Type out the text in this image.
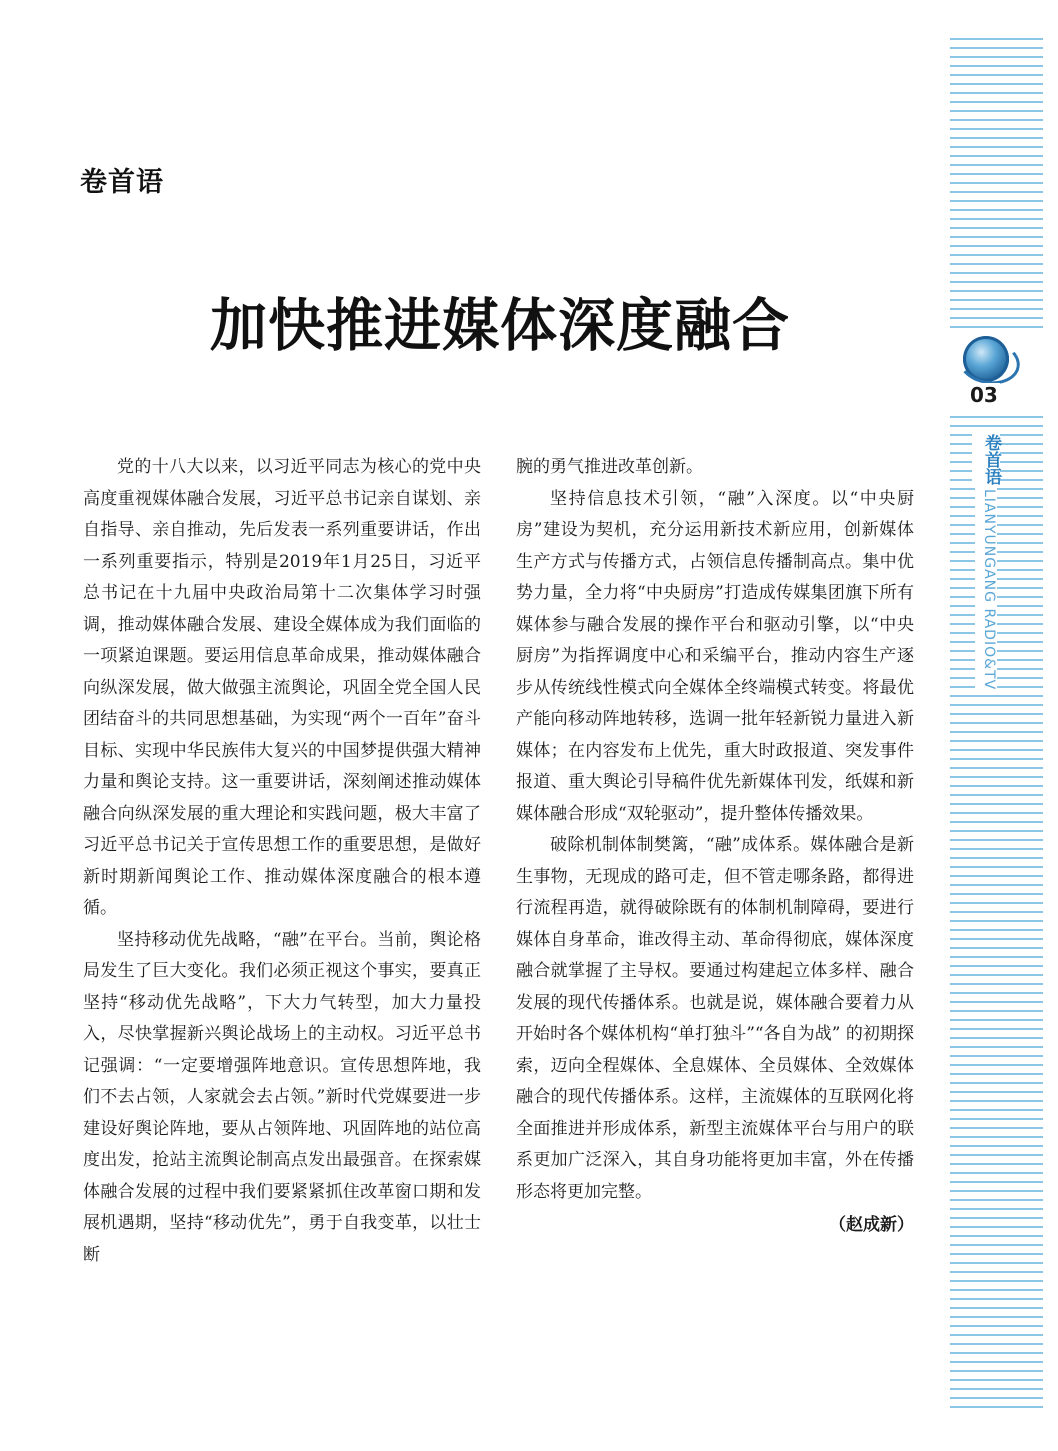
卷首语
加快推进媒体深度融合

党的十八大以来，以习近平同志为核心的党中央高度重视媒体融合发展，习近平总书记亲自谋划、亲自指导、亲自推动，先后发表一系列重要讲话，作出一系列重要指示，特别是2019年1月25日，习近平总书记在十九届中央政治局第十二次集体学习时强调，推动媒体融合发展、建设全媒体成为我们面临的一项紧迫课题。要运用信息革命成果，推动媒体融合向纵深发展，做大做强主流舆论，巩固全党全国人民团结奋斗的共同思想基础，为实现“两个一百年”奋斗目标、实现中华民族伟大复兴的中国梦提供强大精神力量和舆论支持。这一重要讲话，深刻阐述推动媒体融合向纵深发展的重大理论和实践问题，极大丰富了习近平总书记关于宣传思想工作的重要思想，是做好新时期新闻舆论工作、推动媒体深度融合的根本遵循。

坚持移动优先战略，“融”在平台。当前，舆论格局发生了巨大变化。我们必须正视这个事实，要真正坚持“移动优先战略”，下大力气转型，加大力量投入，尽快掌握新兴舆论战场上的主动权。习近平总书记强调：“一定要增强阵地意识。宣传思想阵地，我们不去占领，人家就会去占领。”新时代党媒要进一步建设好舆论阵地，要从占领阵地、巩固阵地的站位高度出发，抢站主流舆论制高点发出最强音。在探索媒体融合发展的过程中我们要紧紧抓住改革窗口期和发展机遇期，坚持“移动优先”，勇于自我变革，以壮士断

腕的勇气推进改革创新。

坚持信息技术引领，“融”入深度。以“中央厨房”建设为契机，充分运用新技术新应用，创新媒体生产方式与传播方式，占领信息传播制高点。集中优势力量，全力将“中央厨房”打造成传媒集团旗下所有媒体参与融合发展的操作平台和驱动引擎，以“中央厨房”为指挥调度中心和采编平台，推动内容生产逐步从传统线性模式向全媒体全终端模式转变。将最优产能向移动阵地转移，选调一批年轻新锐力量进入新媒体；在内容发布上优先，重大时政报道、突发事件报道、重大舆论引导稿件优先新媒体刊发，纸媒和新媒体融合形成“双轮驱动”，提升整体传播效果。

破除机制体制樊篱，“融”成体系。媒体融合是新生事物，无现成的路可走，但不管走哪条路，都得进行流程再造，就得破除既有的体制机制障碍，要进行媒体自身革命，谁改得主动、革命得彻底，媒体深度融合就掌握了主导权。要通过构建起立体多样、融合发展的现代传播体系。也就是说，媒体融合要着力从开始时各个媒体机构“单打独斗”“各自为战” 的初期探索，迈向全程媒体、全息媒体、全员媒体、全效媒体融合的现代传播体系。这样，主流媒体的互联网化将全面推进并形成体系，新型主流媒体平台与用户的联系更加广泛深入，其自身功能将更加丰富，外在传播形态将更加完整。

（赵成新）
03
卷首语
LIANYUNGANG RADIO&TV
